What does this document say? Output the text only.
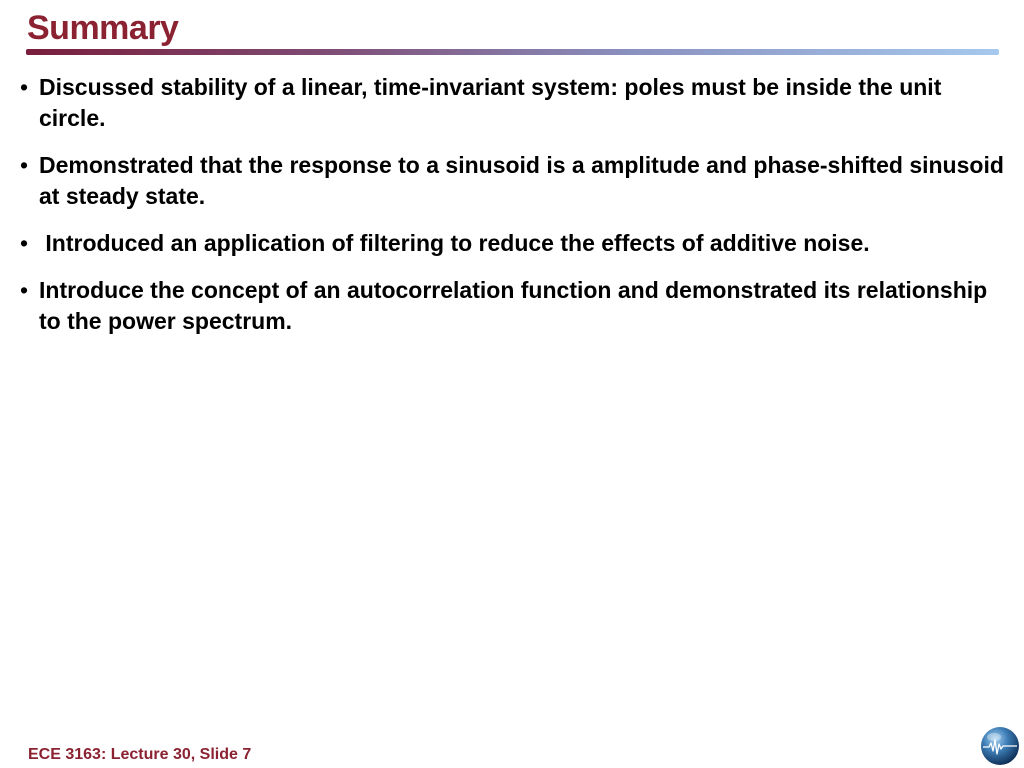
Summary
• Discussed stability of a linear, time-invariant system: poles must be inside the unit circle.
• Demonstrated that the response to a sinusoid is a amplitude and phase-shifted sinusoid at steady state.
• Introduced an application of filtering to reduce the effects of additive noise.
• Introduce the concept of an autocorrelation function and demonstrated its relationship to the power spectrum.
ECE 3163: Lecture 30, Slide 7
